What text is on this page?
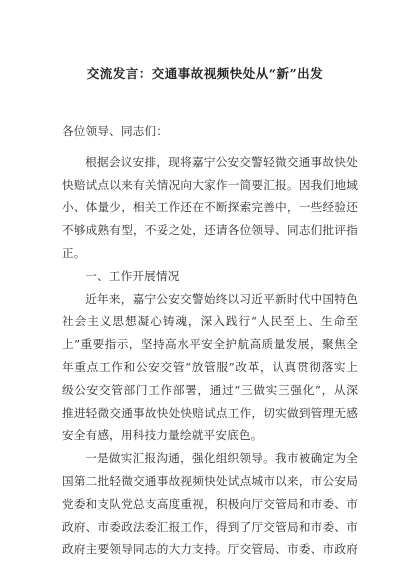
交流发言：交通事故视频快处从“新”出发
各位领导、同志们：
根据会议安排，现将嘉宁公安交警轻微交通事故快处
快赔试点以来有关情况向大家作一简要汇报。因我们地域
小、体量少，相关工作还在不断探索完善中，一些经验还
不够成熟有型，不妥之处，还请各位领导、同志们批评指
正。
一、工作开展情况
近年来，嘉宁公安交警始终以习近平新时代中国特色
社会主义思想凝心铸魂，深入践行“人民至上、生命至
上”重要指示，坚持高水平安全护航高质量发展，聚焦全
年重点工作和公安交管“放管服”改革，认真贯彻落实上
级公安交管部门工作部署，通过“三做实三强化”，从深
推进轻微交通事故快处快赔试点工作，切实做到管理无感
安全有感，用科技力量绘就平安底色。
一是做实汇报沟通，强化组织领导。我市被确定为全
国第二批轻微交通事故视频快处试点城市以来，市公安局
党委和支队党总支高度重视，积极向厅交管局和市委、市
政府、市委政法委汇报工作，得到了厅交管局和市委、市
政府主要领导同志的大力支持。厅交管局、市委、市政府
